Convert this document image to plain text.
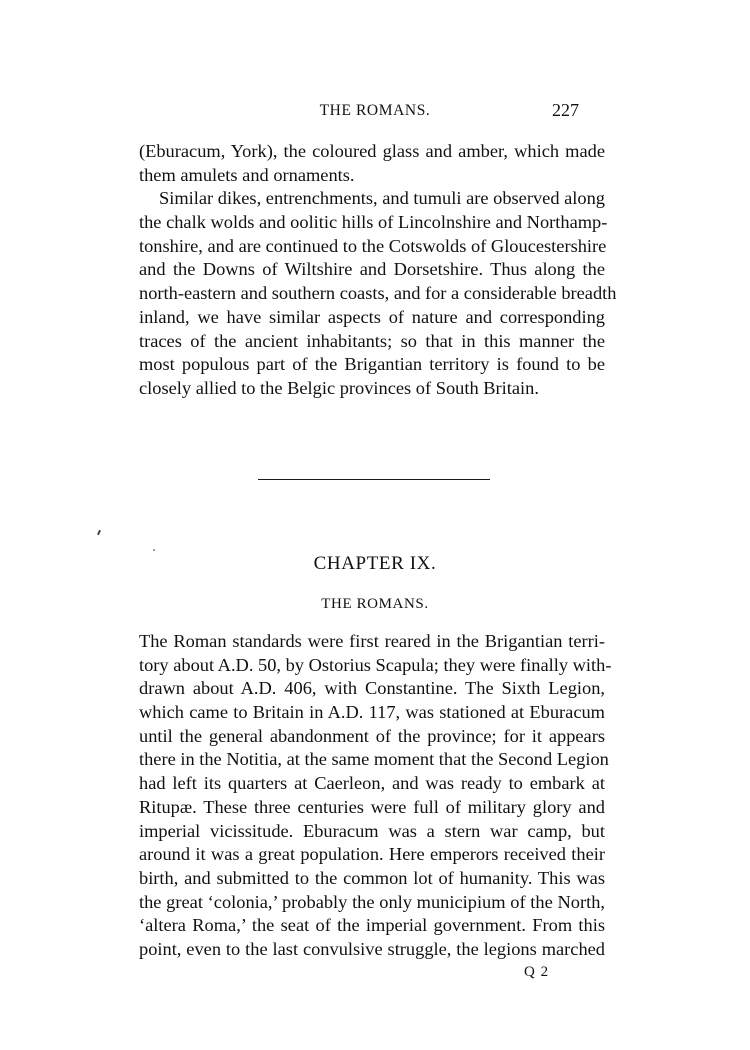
THE ROMANS.	227
(Eburacum, York), the coloured glass and amber, which made
them amulets and ornaments.
Similar dikes, entrenchments, and tumuli are observed along
the chalk wolds and oolitic hills of Lincolnshire and Northamp-
tonshire, and are continued to the Cotswolds of Gloucestershire
and the Downs of Wiltshire and Dorsetshire. Thus along the
north-eastern and southern coasts, and for a considerable breadth
inland, we have similar aspects of nature and corresponding
traces of the ancient inhabitants; so that in this manner the
most populous part of the Brigantian territory is found to be
closely allied to the Belgic provinces of South Britain.
CHAPTER IX.
THE ROMANS.
The Roman standards were first reared in the Brigantian terri-
tory about A.D. 50, by Ostorius Scapula; they were finally with-
drawn about A.D. 406, with Constantine. The Sixth Legion,
which came to Britain in A.D. 117, was stationed at Eburacum
until the general abandonment of the province; for it appears
there in the Notitia, at the same moment that the Second Legion
had left its quarters at Caerleon, and was ready to embark at
Ritupæ. These three centuries were full of military glory and
imperial vicissitude. Eburacum was a stern war camp, but
around it was a great population. Here emperors received their
birth, and submitted to the common lot of humanity. This was
the great ‘colonia,’ probably the only municipium of the North,
‘altera Roma,’ the seat of the imperial government. From this
point, even to the last convulsive struggle, the legions marched
Q 2
